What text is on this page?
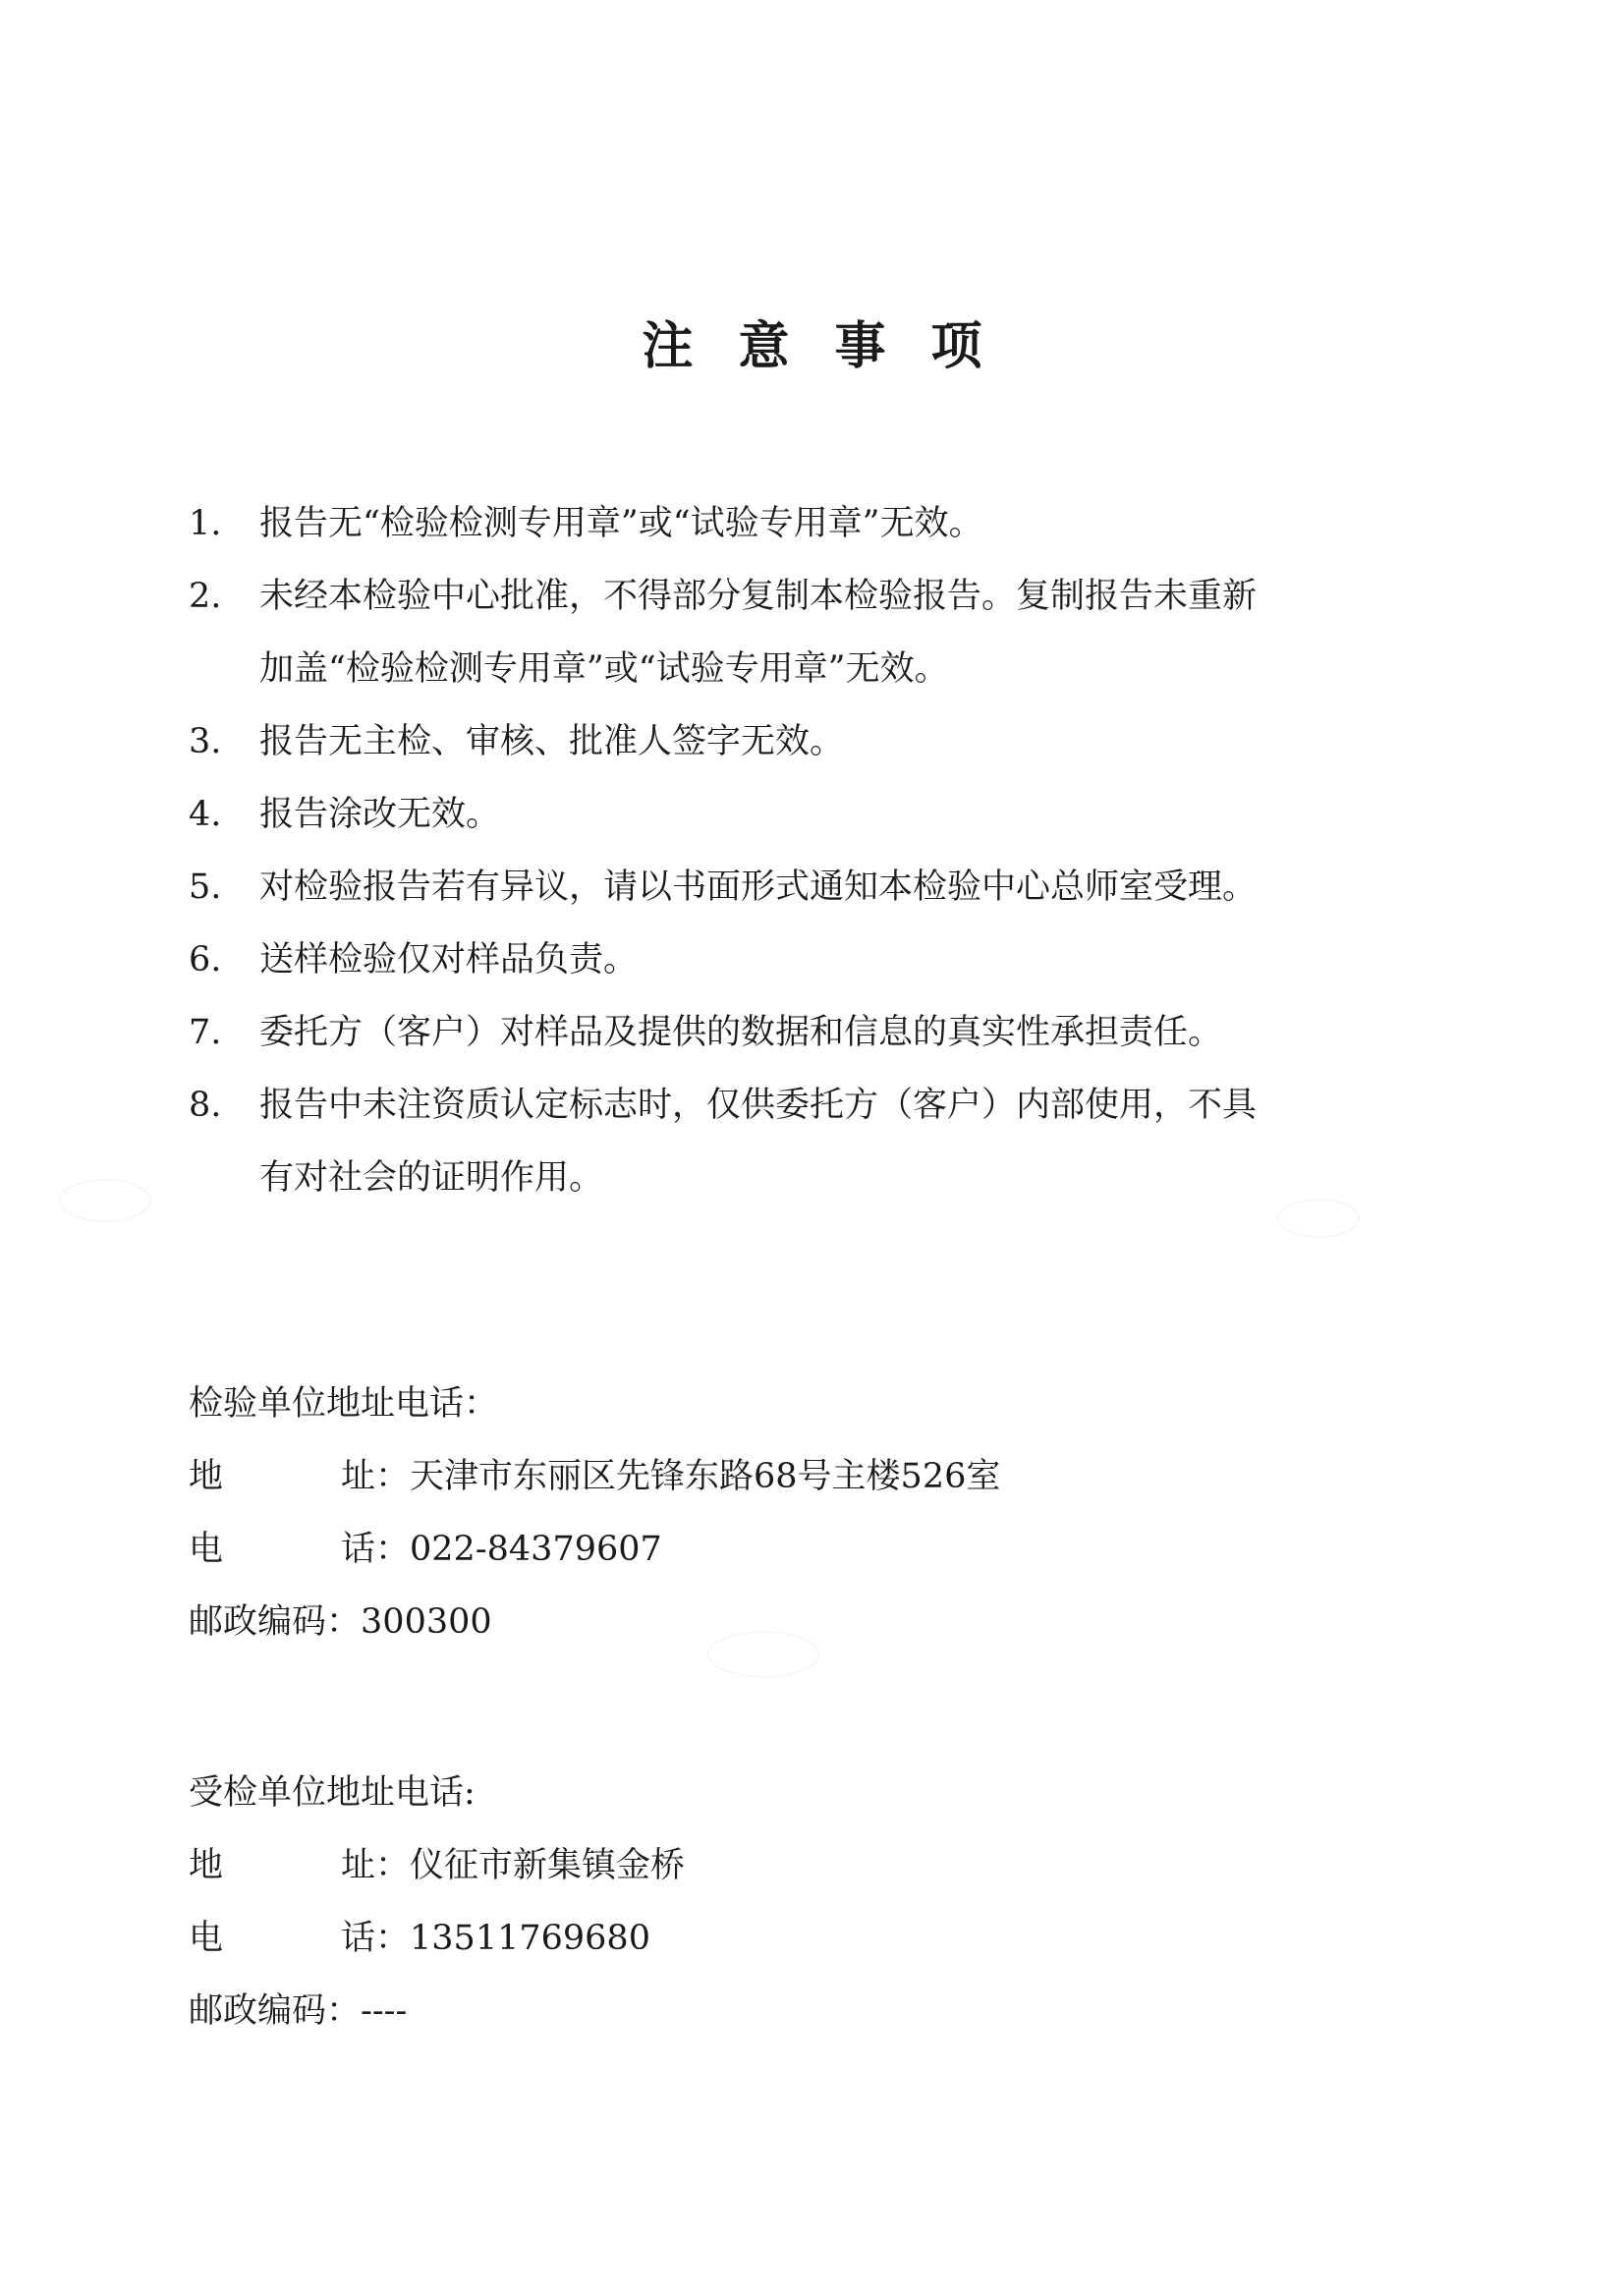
注意事项
1.	报告无“检验检测专用章”或“试验专用章”无效。
2.	未经本检验中心批准，不得部分复制本检验报告。复制报告未重新
加盖“检验检测专用章”或“试验专用章”无效。
3.	报告无主检、审核、批准人签字无效。
4.	报告涂改无效。
5.	对检验报告若有异议，请以书面形式通知本检验中心总师室受理。
6.	送样检验仅对样品负责。
7.	委托方（客户）对样品及提供的数据和信息的真实性承担责任。
8.	报告中未注资质认定标志时，仅供委托方（客户）内部使用，不具
有对社会的证明作用。
检验单位地址电话：
地	址 ： 天津市东丽区先锋东路68号主楼526室
电	话 ： 022-84379607
邮政编码 ： 300300
受检单位地址电话:
地	址 ： 仪征市新集镇金桥
电	话 ： 13511769680
邮政编码 ： ----
